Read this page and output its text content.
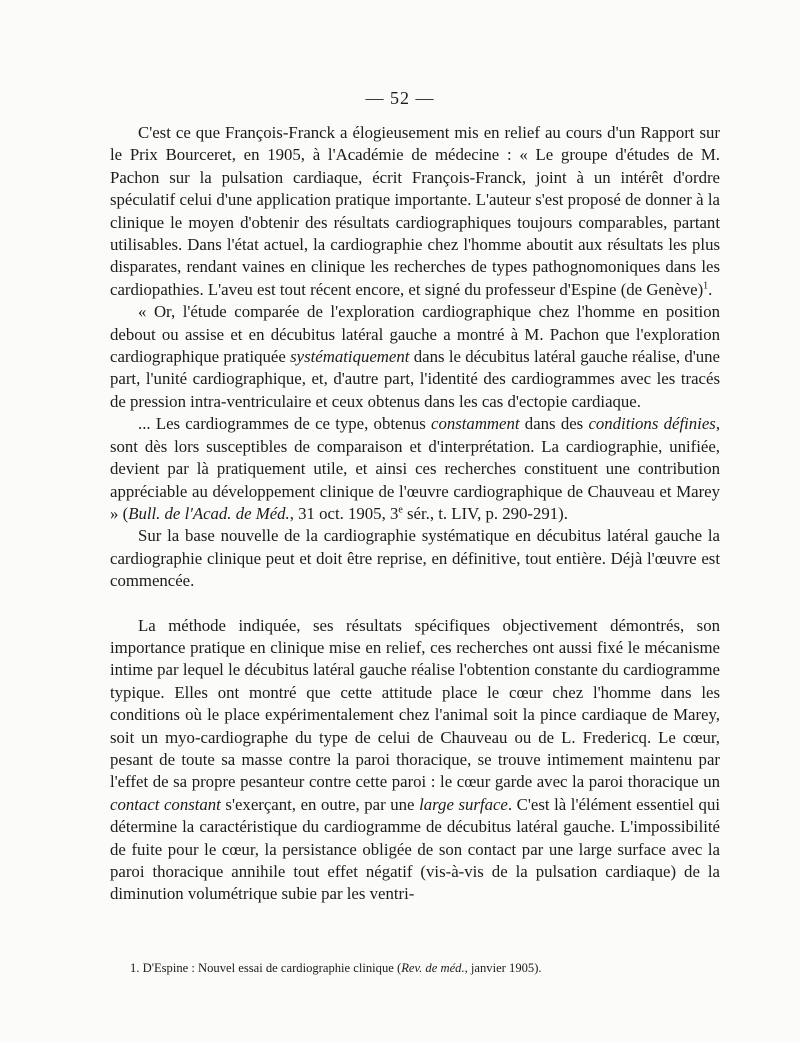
— 52 —

C'est ce que François-Franck a élogieusement mis en relief au cours d'un Rapport sur le Prix Bourceret, en 1905, à l'Académie de médecine : « Le groupe d'études de M. Pachon sur la pulsation cardiaque, écrit François-Franck, joint à un intérêt d'ordre spéculatif celui d'une application pratique importante. L'auteur s'est proposé de donner à la clinique le moyen d'obtenir des résultats cardiographiques toujours comparables, partant utilisables. Dans l'état actuel, la cardiographie chez l'homme aboutit aux résultats les plus disparates, rendant vaines en clinique les recherches de types pathognomoniques dans les cardiopathies. L'aveu est tout récent encore, et signé du professeur d'Espine (de Genève)$^1$.

« Or, l'étude comparée de l'exploration cardiographique chez l'homme en position debout ou assise et en décubitus latéral gauche a montré à M. Pachon que l'exploration cardiographique pratiquée systématiquement dans le décubitus latéral gauche réalise, d'une part, l'unité cardiographique, et, d'autre part, l'identité des cardiogrammes avec les tracés de pression intra-ventriculaire et ceux obtenus dans les cas d'ectopie cardiaque.

... Les cardiogrammes de ce type, obtenus constamment dans des conditions définies, sont dès lors susceptibles de comparaison et d'interprétation. La cardiographie, unifiée, devient par là pratiquement utile, et ainsi ces recherches constituent une contribution appréciable au développement clinique de l'œuvre cardiographique de Chauveau et Marey » (Bull. de l'Acad. de Méd., 31 oct. 1905, 3e sér., t. LIV, p. 290-291).

Sur la base nouvelle de la cardiographie systématique en décubitus latéral gauche la cardiographie clinique peut et doit être reprise, en définitive, tout entière. Déjà l'œuvre est commencée.

La méthode indiquée, ses résultats spécifiques objectivement démontrés, son importance pratique en clinique mise en relief, ces recherches ont aussi fixé le mécanisme intime par lequel le décubitus latéral gauche réalise l'obtention constante du cardiogramme typique. Elles ont montré que cette attitude place le cœur chez l'homme dans les conditions où le place expérimentalement chez l'animal soit la pince cardiaque de Marey, soit un myo-cardiographe du type de celui de Chauveau ou de L. Fredericq. Le cœur, pesant de toute sa masse contre la paroi thoracique, se trouve intimement maintenu par l'effet de sa propre pesanteur contre cette paroi : le cœur garde avec la paroi thoracique un contact constant s'exerçant, en outre, par une large surface. C'est là l'élément essentiel qui détermine la caractéristique du cardiogramme de décubitus latéral gauche. L'impossibilité de fuite pour le cœur, la persistance obligée de son contact par une large surface avec la paroi thoracique annihile tout effet négatif (vis-à-vis de la pulsation cardiaque) de la diminution volumétrique subie par les ventri-

1. D'Espine : Nouvel essai de cardiographie clinique (Rev. de méd., janvier 1905).
